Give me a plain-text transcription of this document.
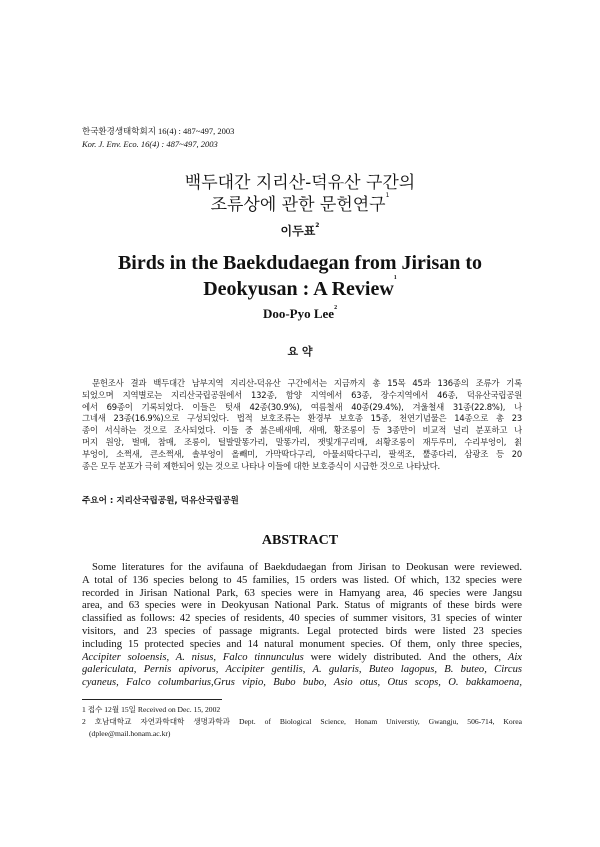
한국환경생태학회지 16(4) : 487~497, 2003
Kor. J. Env. Eco. 16(4) : 487~497, 2003
백두대간 지리산-덕유산 구간의
조류상에 관한 문헌연구$^1$
이두표$^2$
Birds in the Baekdudaegan from Jirisan to
Deokyusan : A Review$^1$
Doo-Pyo Lee$^2$
요 약
문헌조사 결과 백두대간 남부지역 지리산-덕유산 구간에서는 지금까지 총 15목 45과 136종의 조류가 기록
되었으며 지역별로는 지리산국립공원에서 132종, 함양 지역에서 63종, 장수지역에서 46종, 덕유산국립공원
에서 69종이 기록되었다. 이들은 텃새 42종(30.9%), 여름철새 40종(29.4%), 겨울철새 31종(22.8%), 나
그네새 23종(16.9%)으로 구성되었다. 법적 보호조류는 환경부 보호종 15종, 천연기념물은 14종으로 총 23
종이 서식하는 것으로 조사되었다. 이들 중 붉은배새매, 새매, 황조롱이 등 3종만이 비교적 널리 분포하고 나
머지 원앙, 벌매, 참매, 조롱이, 털발말똥가리, 말똥가리, 잿빛개구리매, 쇠황조롱이 재두루미, 수리부엉이, 칡
부엉이, 소쩍새, 큰소쩍새, 솔부엉이 올빼미, 가막딱다구리, 아물쇠딱다구리, 팔색조, 뿔종다리, 삼광조 등 20
종은 모두 분포가 극히 제한되어 있는 것으로 나타나 이들에 대한 보호증식이 시급한 것으로 나타났다.
주요어 : 지리산국립공원, 덕유산국립공원
ABSTRACT
Some literatures for the avifauna of Baekdudaegan from Jirisan to Deokusan were reviewed.
A total of 136 species belong to 45 families, 15 orders was listed. Of which, 132 species were
recorded in Jirisan National Park, 63 species were in Hamyang area, 46 species were Jangsu
area, and 63 species were in Deokyusan National Park. Status of migrants of these birds were
classified as follows: 42 species of residents, 40 species of summer visitors, 31 species of winter
visitors, and 23 species of passage migrants. Legal protected birds were listed 23 species
including 15 protected species and 14 natural monument species. Of them, only three species,
Accipiter soloensis, A. nisus, Falco tinnunculus were widely distributed. And the others, Aix
galericulata, Pernis apivorus, Accipiter gentilis, A. gularis, Buteo lagopus, B. buteo, Circus
cyaneus, Falco columbarius,Grus vipio, Bubo bubo, Asio otus, Otus scops, O. bakkamoena,
1 접수 12월 15일 Received on Dec. 15, 2002
2 호남대학교 자연과학대학 생명과학과 Dept. of Biological Science, Honam Universtiy, Gwangju, 506-714, Korea
(dplee@mail.honam.ac.kr)
